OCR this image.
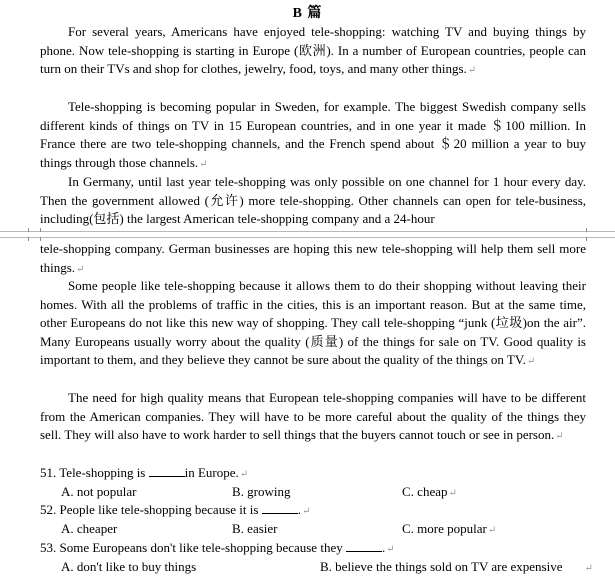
B 篇
For several years, Americans have enjoyed tele-shopping: watching TV and buying things by phone. Now tele-shopping is starting in Europe (欧洲). In a number of European countries, people can turn on their TVs and shop for clothes, jewelry, food, toys, and many other things.↵
Tele-shopping is becoming popular in Sweden, for example. The biggest Swedish company sells different kinds of things on TV in 15 European countries, and in one year it made ＄100 million. In France there are two tele-shopping channels, and the French spend about ＄20 million a year to buy things through those channels.↵
In Germany, until last year tele-shopping was only possible on one channel for 1 hour every day. Then the government allowed (允许) more tele-shopping. Other channels can open for tele-business, including(包括) the largest American tele-shopping company and a 24-hour
tele-shopping company. German businesses are hoping this new tele-shopping will help them sell more things.↵
Some people like tele-shopping because it allows them to do their shopping without leaving their homes. With all the problems of traffic in the cities, this is an important reason. But at the same time, other Europeans do not like this new way of shopping. They call tele-shopping “junk (垃圾)on the air”. Many Europeans usually worry about the quality (质量) of the things for sale on TV. Good quality is important to them, and they believe they cannot be sure about the quality of the things on TV.↵
The need for high quality means that European tele-shopping companies will have to be different from the American companies. They will have to be more careful about the quality of the things they sell. They will also have to work harder to sell things that the buyers cannot touch or see in person.↵
51. Tele-shopping is	in Europe.↵
A. not popular	B. growing	C. cheap↵
52. People like tele-shopping because it is	.↵
A. cheaper	B. easier	C. more popular↵
53. Some Europeans don't like tele-shopping because they	.↵
A. don't like to buy things	B. believe the things sold on TV are expensive ↵
